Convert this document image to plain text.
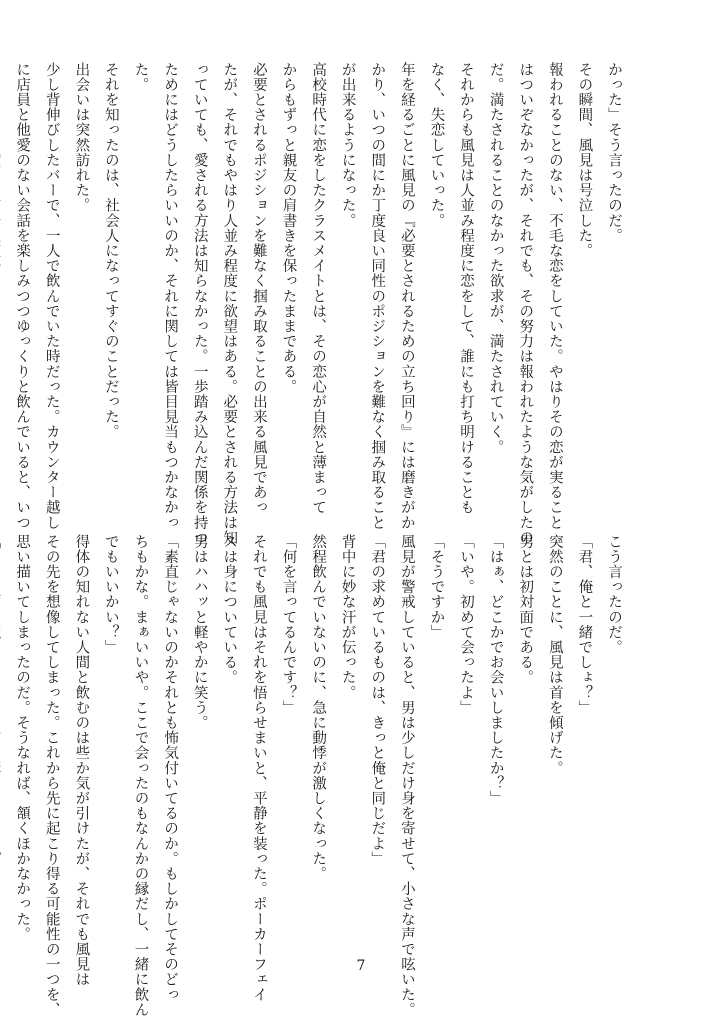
かった」そう言ったのだ。
その瞬間、風見は号泣した。
報われることのない、不毛な恋をしていた。やはりその恋が実ること
はついぞなかったが、それでも、その努力は報われたような気がしたの
だ。満たされることのなかった欲求が、満たされていく。
それからも風見は人並み程度に恋をして、誰にも打ち明けることも
なく、失恋していった。
年を経るごとに風見の『必要とされるための立ち回り』には磨きがか
かり、いつの間にか丁度良い同性のポジションを難なく掴み取ること
が出来るようになった。
高校時代に恋をしたクラスメイトとは、その恋心が自然と薄まって
からもずっと親友の肩書きを保ったままである。
必要とされるポジションを難なく掴み取ることの出来る風見であっ
たが、それでもやはり人並み程度に欲望はある。必要とされる方法は知
っていても、愛される方法は知らなかった。一歩踏み込んだ関係を持つ
ためにはどうしたらいいのか、それに関しては皆目見当もつかなかっ
た。
それを知ったのは、社会人になってすぐのことだった。
出会いは突然訪れた。
少し背伸びしたバーで、一人で飲んでいた時だった。カウンター越し
に店員と他愛のない会話を楽しみつつゆっくりと飲んでいると、いつ
こう言ったのだ。
「君、俺と一緒でしょ？」
突然のことに、風見は首を傾げた。
男とは初対面である。
「はぁ、どこかでお会いしましたか？」
「いや。初めて会ったよ」
「そうですか」
風見が警戒していると、男は少しだけ身を寄せて、小さな声で呟いた。
「君の求めているものは、きっと俺と同じだよ」
背中に妙な汗が伝った。
然程飲んでいないのに、急に動悸が激しくなった。
「何を言ってるんです？」
それでも風見はそれを悟らせまいと、平静を装った。ポーカーフェイ
スは身についている。
男はハハッと軽やかに笑う。
「素直じゃないのかそれとも怖気付いてるのか。もしかしてそのどっ
ちもかな。まぁいいや。ここで会ったのもなんかの縁だし、一緒に飲ん
でもいいかい？」
得体の知れない人間と飲むのは些か気が引けたが、それでも風見は
その先を想像してしまった。これから先に起こり得る可能性の一つを、
思い描いてしまったのだ。そうなれば、頷くほかなかった。
7
